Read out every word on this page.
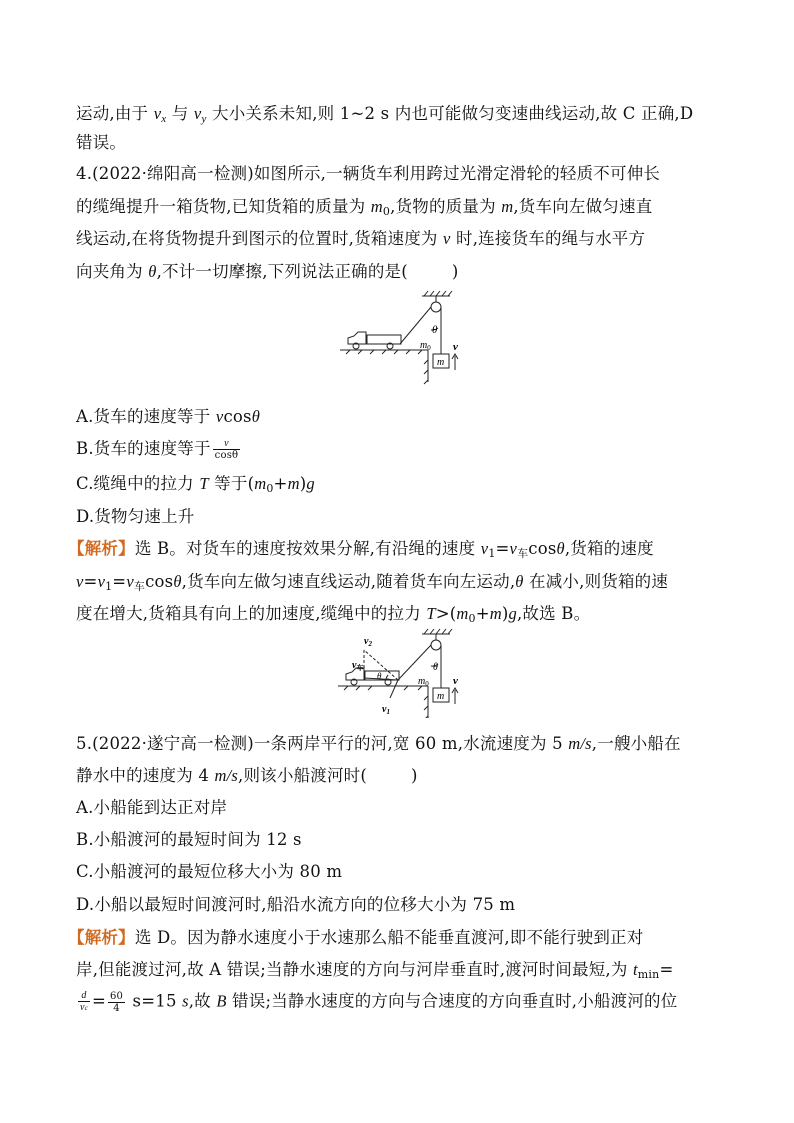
运动,由于 $v_x$ 与 $v_y$ 大小关系未知,则 1~2 s 内也可能做匀变速曲线运动,故 C 正确,D
错误。
4.(2022·绵阳高一检测)如图所示,一辆货车利用跨过光滑定滑轮的轻质不可伸长
的缆绳提升一箱货物,已知货箱的质量为 $m_0$,货物的质量为 m,货车向左做匀速直
线运动,在将货物提升到图示的位置时,货箱速度为 v 时,连接货车的绳与水平方
向夹角为 θ,不计一切摩擦,下列说法正确的是(	)
θ
$m_0$
m
v
A.货车的速度等于 vcosθ
B.货车的速度等于 $\frac{v}{\cos\theta}$
C.缆绳中的拉力 T 等于$(m_0+m)g$
D.货物匀速上升
【解析】选 B。对货车的速度按效果分解,有沿绳的速度 $v_1=v_车\cos\theta$,货箱的速度
$v=v_1=v_车\cos\theta$,货车向左做匀速直线运动,随着货车向左运动,θ 在减小,则货箱的速
度在增大,货箱具有向上的加速度,缆绳中的拉力 $T>(m_0+m)g$,故选 B。
$v_2$
$v_车$	θ
θ	$m_0$
m
v
$v_1$
5.(2022·遂宁高一检测)一条两岸平行的河,宽 60 m,水流速度为 5 m/s,一艘小船在
静水中的速度为 4 m/s,则该小船渡河时(	)
A.小船能到达正对岸
B.小船渡河的最短时间为 12 s
C.小船渡河的最短位移大小为 80 m
D.小船以最短时间渡河时,船沿水流方向的位移大小为 75 m
【解析】选 D。因为静水速度小于水速那么船不能垂直渡河,即不能行驶到正对
岸,但能渡过河,故 A 错误;当静水速度的方向与河岸垂直时,渡河时间最短,为 $t_{min}=$
$\frac{d}{vc} = \frac{60}{4} s=15$ s,故 B 错误;当静水速度的方向与合速度的方向垂直时,小船渡河的位
